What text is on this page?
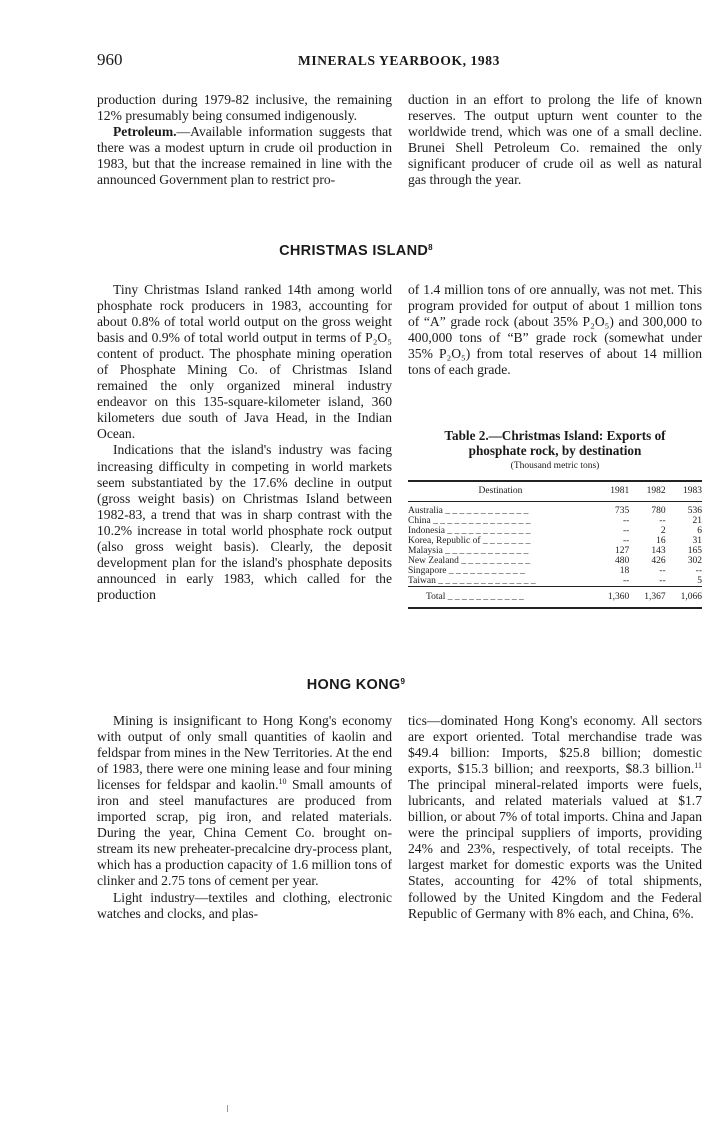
960	MINERALS YEARBOOK, 1983

production during 1979-82 inclusive, the remaining 12% presumably being consumed indigenously.

Petroleum.—Available information suggests that there was a modest upturn in crude oil production in 1983, but that the increase remained in line with the announced Government plan to restrict pro-

duction in an effort to prolong the life of known reserves. The output upturn went counter to the worldwide trend, which was one of a small decline. Brunei Shell Petroleum Co. remained the only significant producer of crude oil as well as natural gas through the year.

CHRISTMAS ISLAND$^8$

Tiny Christmas Island ranked 14th among world phosphate rock producers in 1983, accounting for about 0.8% of total world output on the gross weight basis and 0.9% of total world output in terms of P₂O₅ content of product. The phosphate mining operation of Phosphate Mining Co. of Christmas Island remained the only organized mineral industry endeavor on this 135-square-kilometer island, 360 kilometers due south of Java Head, in the Indian Ocean.

Indications that the island's industry was facing increasing difficulty in competing in world markets seem substantiated by the 17.6% decline in output (gross weight basis) on Christmas Island between 1982-83, a trend that was in sharp contrast with the 10.2% increase in total world phosphate rock output (also gross weight basis). Clearly, the deposit development plan for the island's phosphate deposits announced in early 1983, which called for the production

of 1.4 million tons of ore annually, was not met. This program provided for output of about 1 million tons of “A” grade rock (about 35% P₂O₅) and 300,000 to 400,000 tons of “B” grade rock (somewhat under 35% P₂O₅) from total reserves of about 14 million tons of each grade.

Table 2.—Christmas Island: Exports of
phosphate rock, by destination
(Thousand metric tons)
Destination	1981	1982	1983
Australia _ _ _ _ _ _ _ _ _ _ _ _	735	780	536
China _ _ _ _ _ _ _ _ _ _ _ _ _ _	--	--	21
Indonesia _ _ _ _ _ _ _ _ _ _ _ _	--	2	6
Korea, Republic of _ _ _ _ _ _ _	--	16	31
Malaysia _ _ _ _ _ _ _ _ _ _ _ _	127	143	165
New Zealand _ _ _ _ _ _ _ _ _ _	480	426	302
Singapore _ _ _ _ _ _ _ _ _ _ _	18	--	--
Taiwan _ _ _ _ _ _ _ _ _ _ _ _ _ _	--	--	5
Total _ _ _ _ _ _ _ _ _ _ _	1,360	1,367	1,066
HONG KONG$^9$

Mining is insignificant to Hong Kong's economy with output of only small quantities of kaolin and feldspar from mines in the New Territories. At the end of 1983, there were one mining lease and four mining licenses for feldspar and kaolin.$^{10}$ Small amounts of iron and steel manufactures are produced from imported scrap, pig iron, and related materials. During the year, China Cement Co. brought on-stream its new preheater-precalcine dry-process plant, which has a production capacity of 1.6 million tons of clinker and 2.75 tons of cement per year.

Light industry—textiles and clothing, electronic watches and clocks, and plas-

tics—dominated Hong Kong's economy. All sectors are export oriented. Total merchandise trade was $49.4 billion: Imports, $25.8 billion; domestic exports, $15.3 billion; and reexports, $8.3 billion.$^{11}$ The principal mineral-related imports were fuels, lubricants, and related materials valued at $1.7 billion, or about 7% of total imports. China and Japan were the principal suppliers of imports, providing 24% and 23%, respectively, of total receipts. The largest market for domestic exports was the United States, accounting for 42% of total shipments, followed by the United Kingdom and the Federal Republic of Germany with 8% each, and China, 6%.
